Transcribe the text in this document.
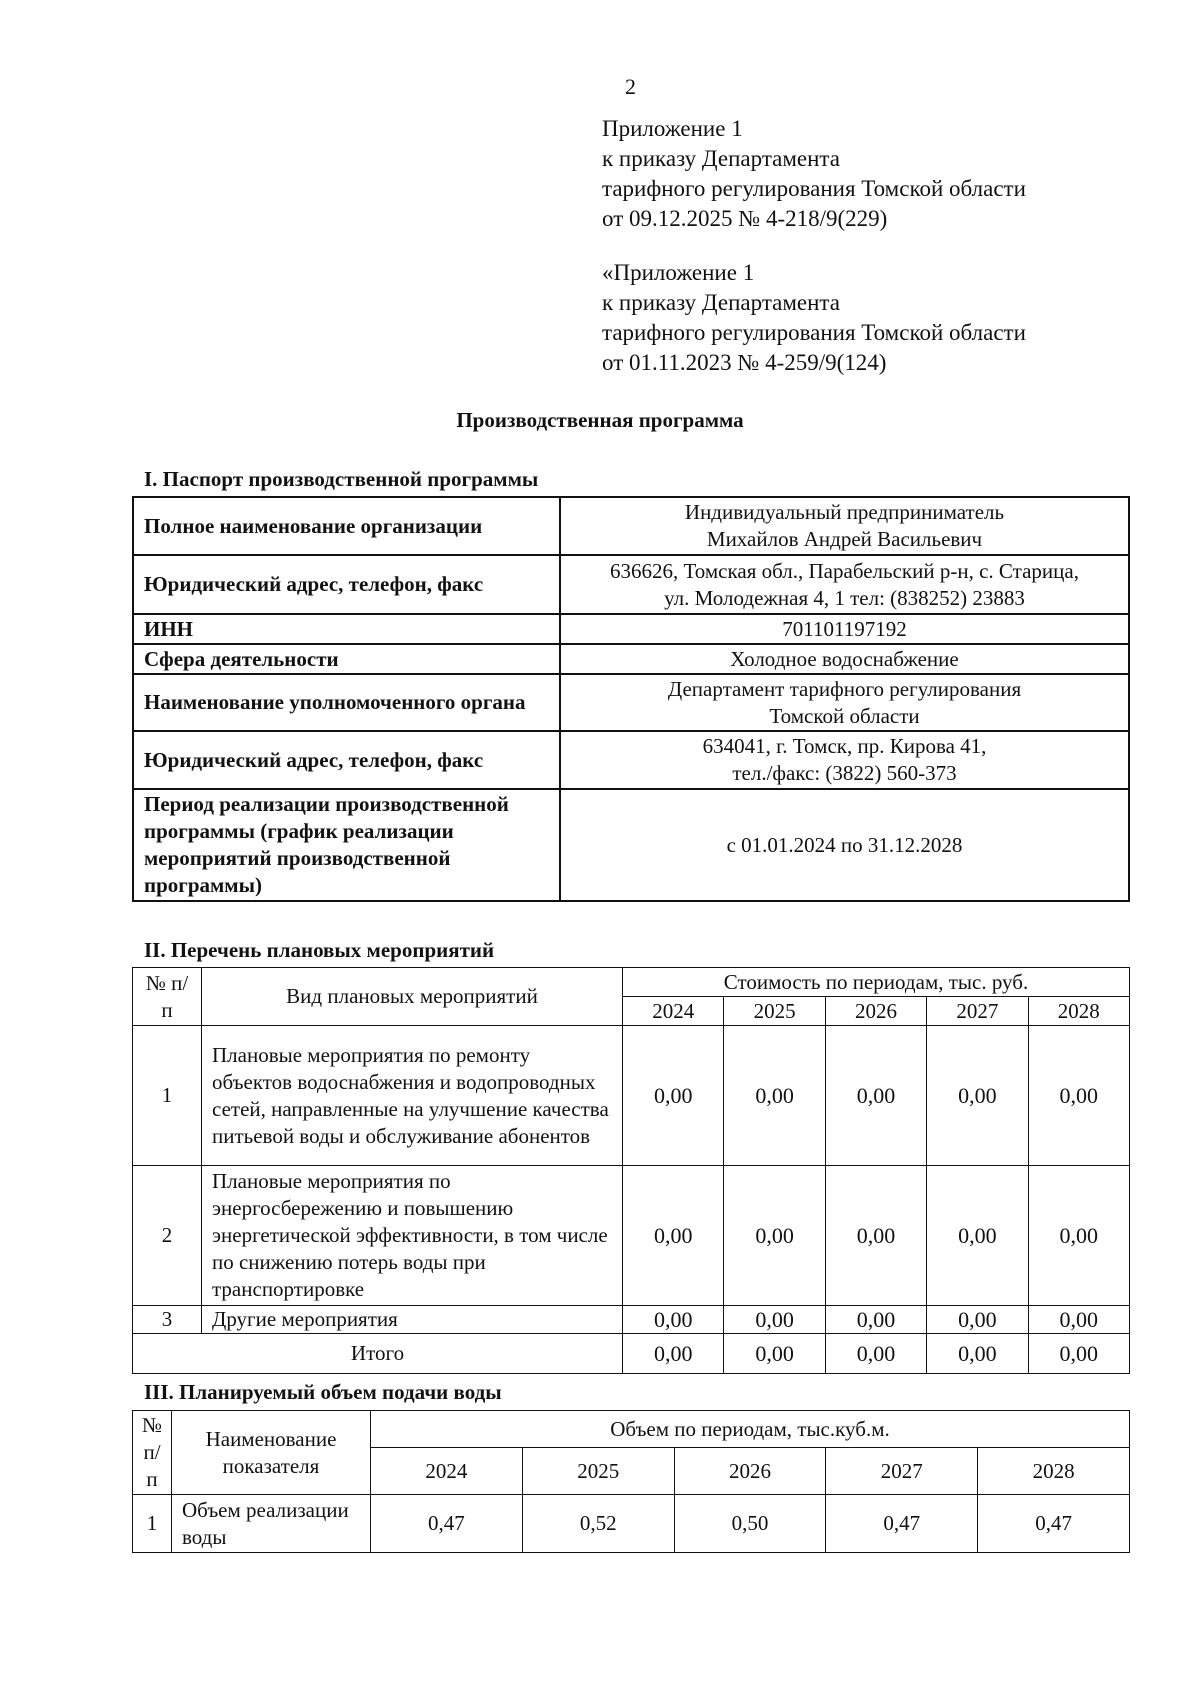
2
Приложение 1
к приказу Департамента
тарифного регулирования Томской области
от 09.12.2025 № 4-218/9(229)
«Приложение 1
к приказу Департамента
тарифного регулирования Томской области
от 01.11.2023 № 4-259/9(124)
Производственная программа
I. Паспорт производственной программы
Полное наименование организации	Индивидуальный предприниматель
Михайлов Андрей Васильевич
Юридический адрес, телефон, факс	636626, Томская обл., Парабельский р-н, с. Старица,
ул. Молодежная 4, 1 тел: (838252) 23883
ИНН	701101197192
Сфера деятельности	Холодное водоснабжение
Наименование уполномоченного органа	Департамент тарифного регулирования
Томской области
Юридический адрес, телефон, факс	634041, г. Томск, пр. Кирова 41,
тел./факс: (3822) 560-373
Период реализации производственной программы (график реализации мероприятий производственной программы)	с 01.01.2024 по 31.12.2028
II. Перечень плановых мероприятий
№ п/п	Вид плановых мероприятий	Стоимость по периодам, тыс. руб.				
		2024	2025	2026	2027	2028
1	Плановые мероприятия по ремонту объектов водоснабжения и водопроводных сетей, направленные на улучшение качества питьевой воды и обслуживание абонентов	0,00	0,00	0,00	0,00	0,00
2	Плановые мероприятия по энергосбережению и повышению энергетической эффективности, в том числе по снижению потерь воды при транспортировке	0,00	0,00	0,00	0,00	0,00
3	Другие мероприятия	0,00	0,00	0,00	0,00	0,00
Итого		0,00	0,00	0,00	0,00	0,00
III. Планируемый объем подачи воды
№ п/ п	Наименование показателя	Объем по периодам, тыс.куб.м.				
		2024	2025	2026	2027	2028
1	Объем реализации воды	0,47	0,52	0,50	0,47	0,47
